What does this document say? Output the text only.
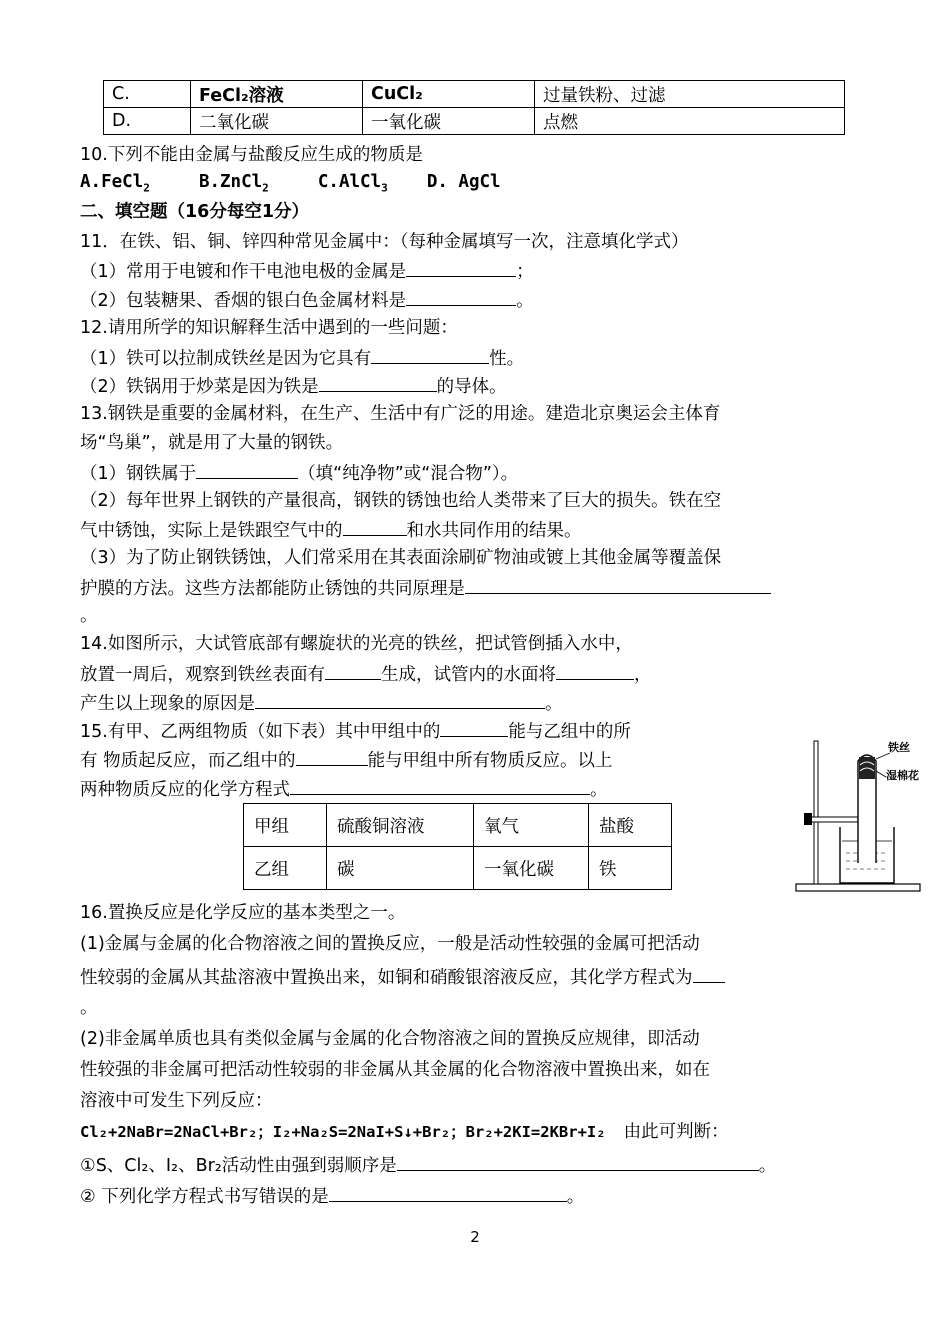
C.	FeCl₂溶液	CuCl₂	过量铁粉、过滤
D.	二氧化碳	一氧化碳	点燃
10.下列不能由金属与盐酸反应生成的物质是
A.FeCl$_2$	B.ZnCl$_2$	C.AlCl$_3$ D. AgCl
二、填空题（16分每空1分）
11．在铁、铝、铜、锌四种常见金属中：（每种金属填写一次，注意填化学式）
（1）常用于电镀和作干电池电极的金属是	；
（2）包装糖果、香烟的银白色金属材料是	。
12.请用所学的知识解释生活中遇到的一些问题：
（1）铁可以拉制成铁丝是因为它具有	性。
（2）铁锅用于炒菜是因为铁是	的导体。
13.钢铁是重要的金属材料，在生产、生活中有广泛的用途。建造北京奥运会主体育
场“鸟巢”，就是用了大量的钢铁。
（1）钢铁属于	（填“纯净物”或“混合物”）。
（2）每年世界上钢铁的产量很高，钢铁的锈蚀也给人类带来了巨大的损失。铁在空
气中锈蚀，实际上是铁跟空气中的	和水共同作用的结果。
（3）为了防止钢铁锈蚀，人们常采用在其表面涂刷矿物油或镀上其他金属等覆盖保
护膜的方法。这些方法都能防止锈蚀的共同原理是
。
14.如图所示，大试管底部有螺旋状的光亮的铁丝，把试管倒插入水中，
放置一周后，观察到铁丝表面有	生成，试管内的水面将	，
产生以上现象的原因是	。
15.有甲、乙两组物质（如下表）其中甲组中的	能与乙组中的所
有 物质起反应，而乙组中的	能与甲组中所有物质反应。以上
两种物质反应的化学方程式	。
甲组	硫酸铜溶液	氧气	盐酸
乙组	碳	一氧化碳	铁
铁丝
湿棉花
16.置换反应是化学反应的基本类型之一。
(1)金属与金属的化合物溶液之间的置换反应，一般是活动性较强的金属可把活动
性较弱的金属从其盐溶液中置换出来，如铜和硝酸银溶液反应，其化学方程式为
。
(2)非金属单质也具有类似金属与金属的化合物溶液之间的置换反应规律，即活动
性较强的非金属可把活动性较弱的非金属从其金属的化合物溶液中置换出来，如在
溶液中可发生下列反应：
Cl₂+2NaBr=2NaCl+Br₂；I₂+Na₂S=2NaI+S↓+Br₂；Br₂+2KI=2KBr+I₂ 由此可判断：
①S、Cl₂、I₂、Br₂活动性由强到弱顺序是	。
② 下列化学方程式书写错误的是	。
2
